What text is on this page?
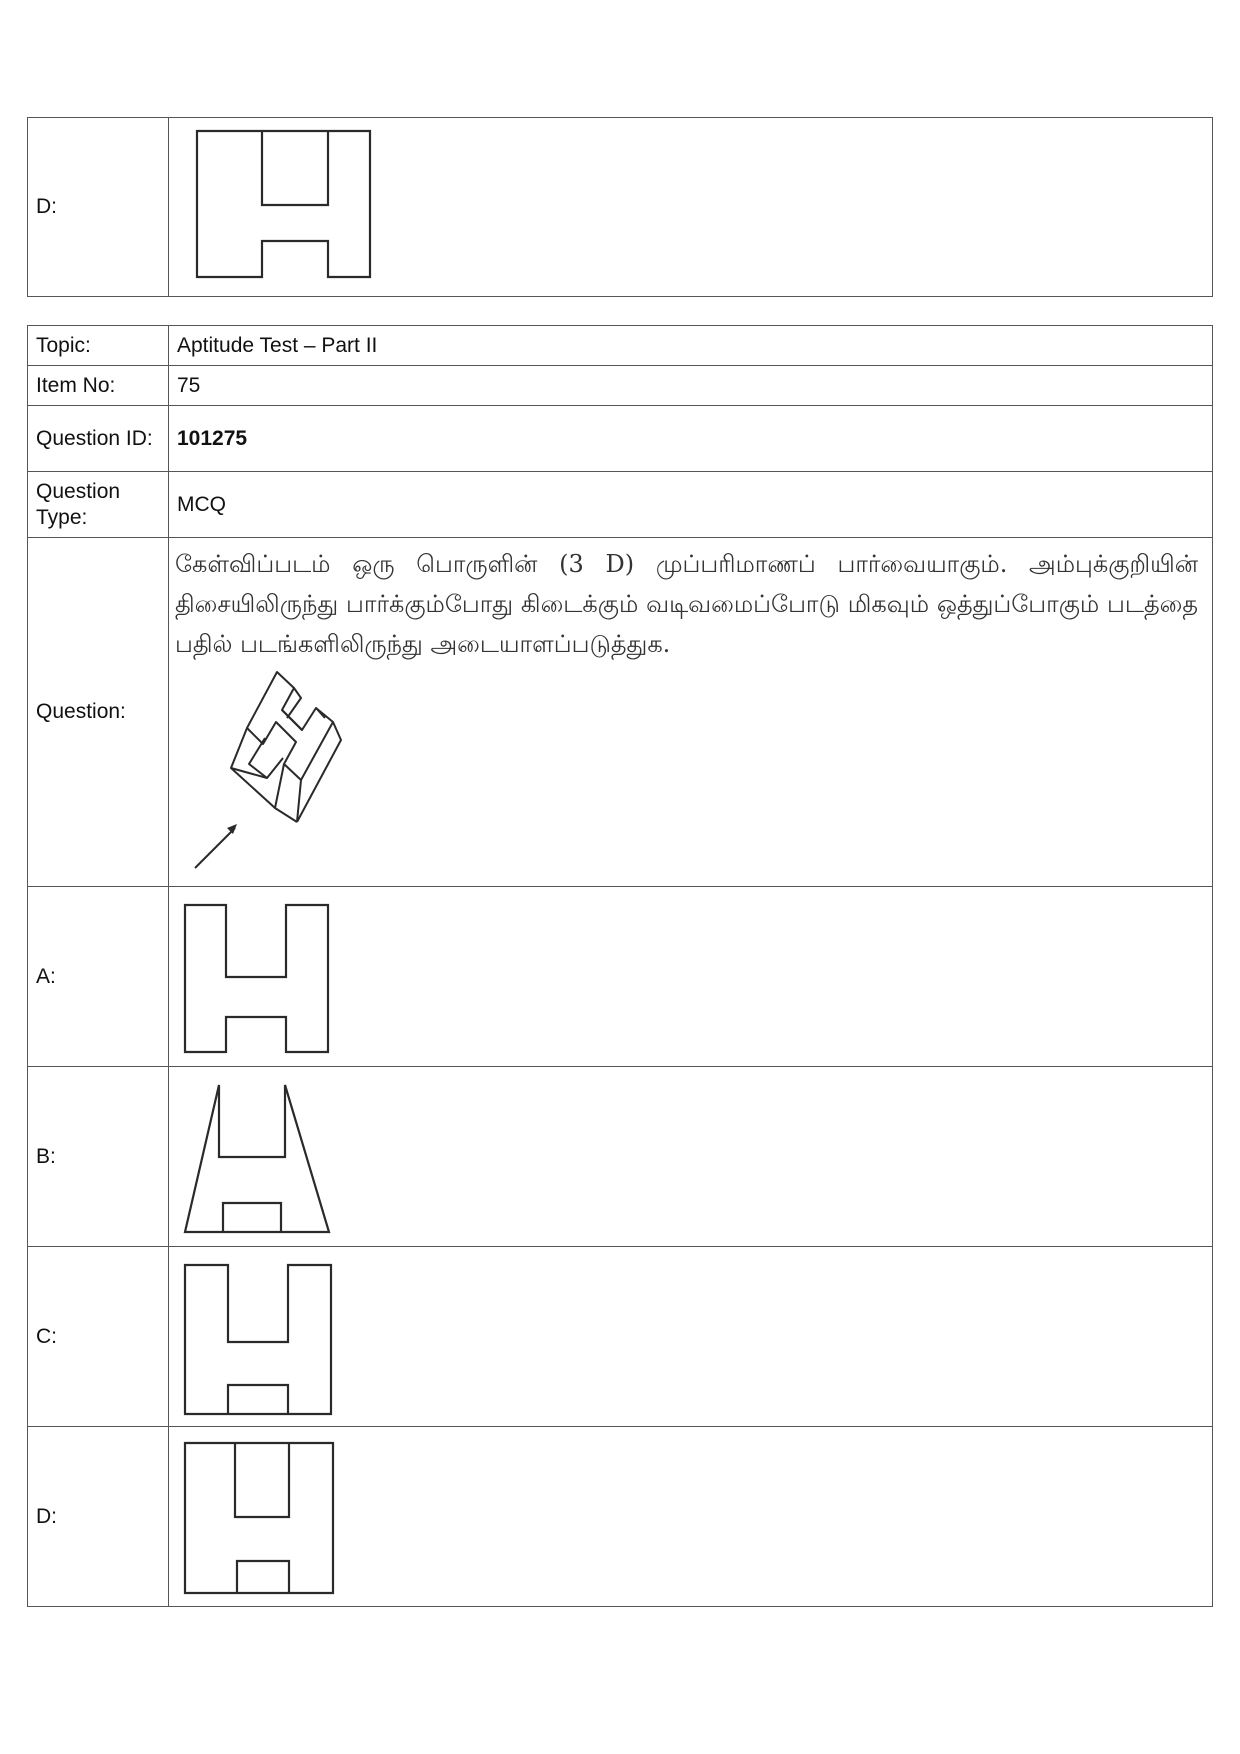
D:	
Topic:	Aptitude Test – Part II
Item No:	75
Question ID:	101275
Question Type:	MCQ
Question:	கேள்விப்படம் ஒரு பொருளின் (3 D) முப்பரிமாணப் பார்வையாகும். அம்புக்குறியின் திசையிலிருந்து பார்க்கும்போது கிடைக்கும் வடிவமைப்போடு மிகவும் ஒத்துப்போகும் படத்தை பதில் படங்களிலிருந்து அடையாளப்படுத்துக.

A:	

B:	

C:	

D:	
